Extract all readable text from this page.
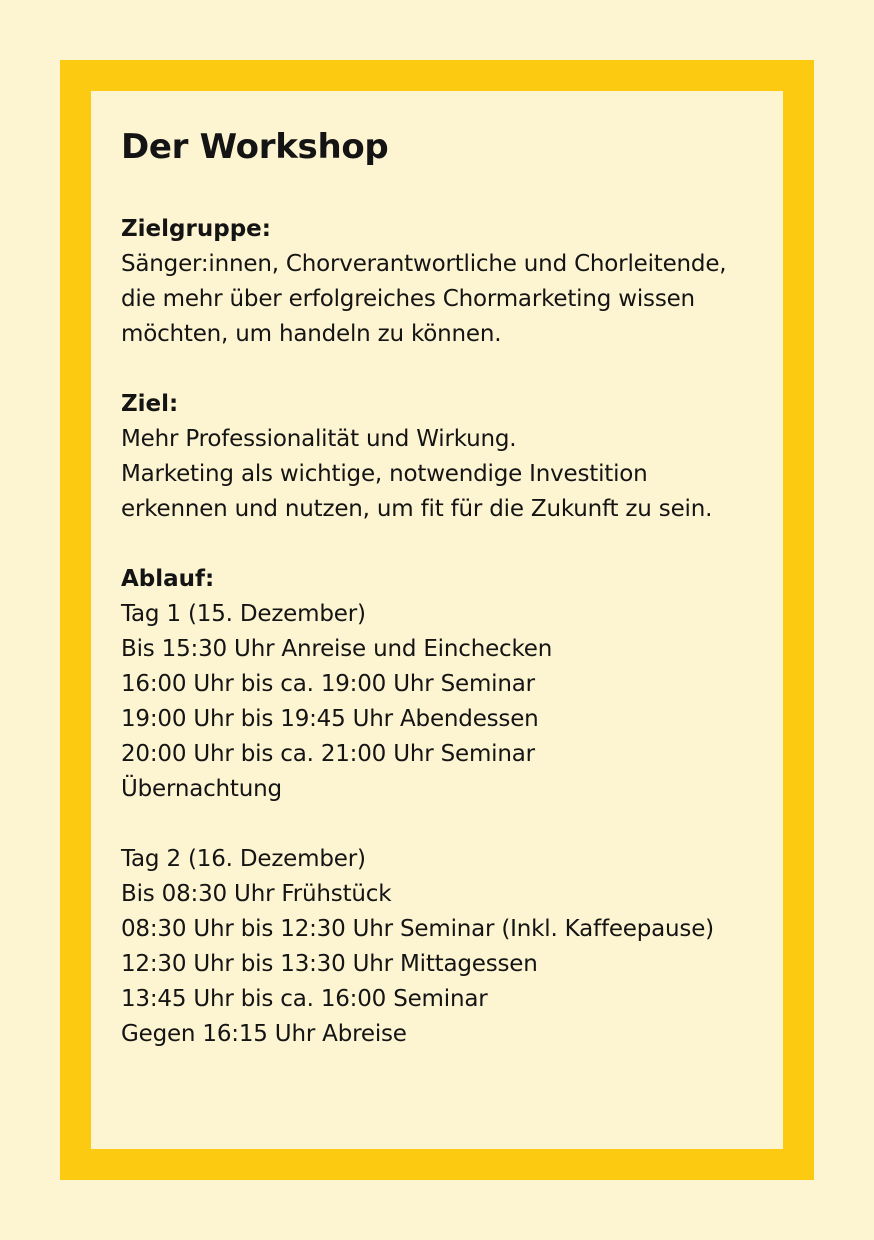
Der Workshop

Zielgruppe:

Sänger:innen, Chorverantwortliche und Chorleitende,

die mehr über erfolgreiches Chormarketing wissen

möchten, um handeln zu können.

Ziel:

Mehr Professionalität und Wirkung.

Marketing als wichtige, notwendige Investition

erkennen und nutzen, um fit für die Zukunft zu sein.

Ablauf:

Tag 1 (15. Dezember)

Bis 15:30 Uhr Anreise und Einchecken

16:00 Uhr bis ca. 19:00 Uhr Seminar

19:00 Uhr bis 19:45 Uhr Abendessen

20:00 Uhr bis ca. 21:00 Uhr Seminar

Übernachtung

Tag 2 (16. Dezember)

Bis 08:30 Uhr Frühstück

08:30 Uhr bis 12:30 Uhr Seminar (Inkl. Kaffeepause)

12:30 Uhr bis 13:30 Uhr Mittagessen

13:45 Uhr bis ca. 16:00 Seminar

Gegen 16:15 Uhr Abreise
